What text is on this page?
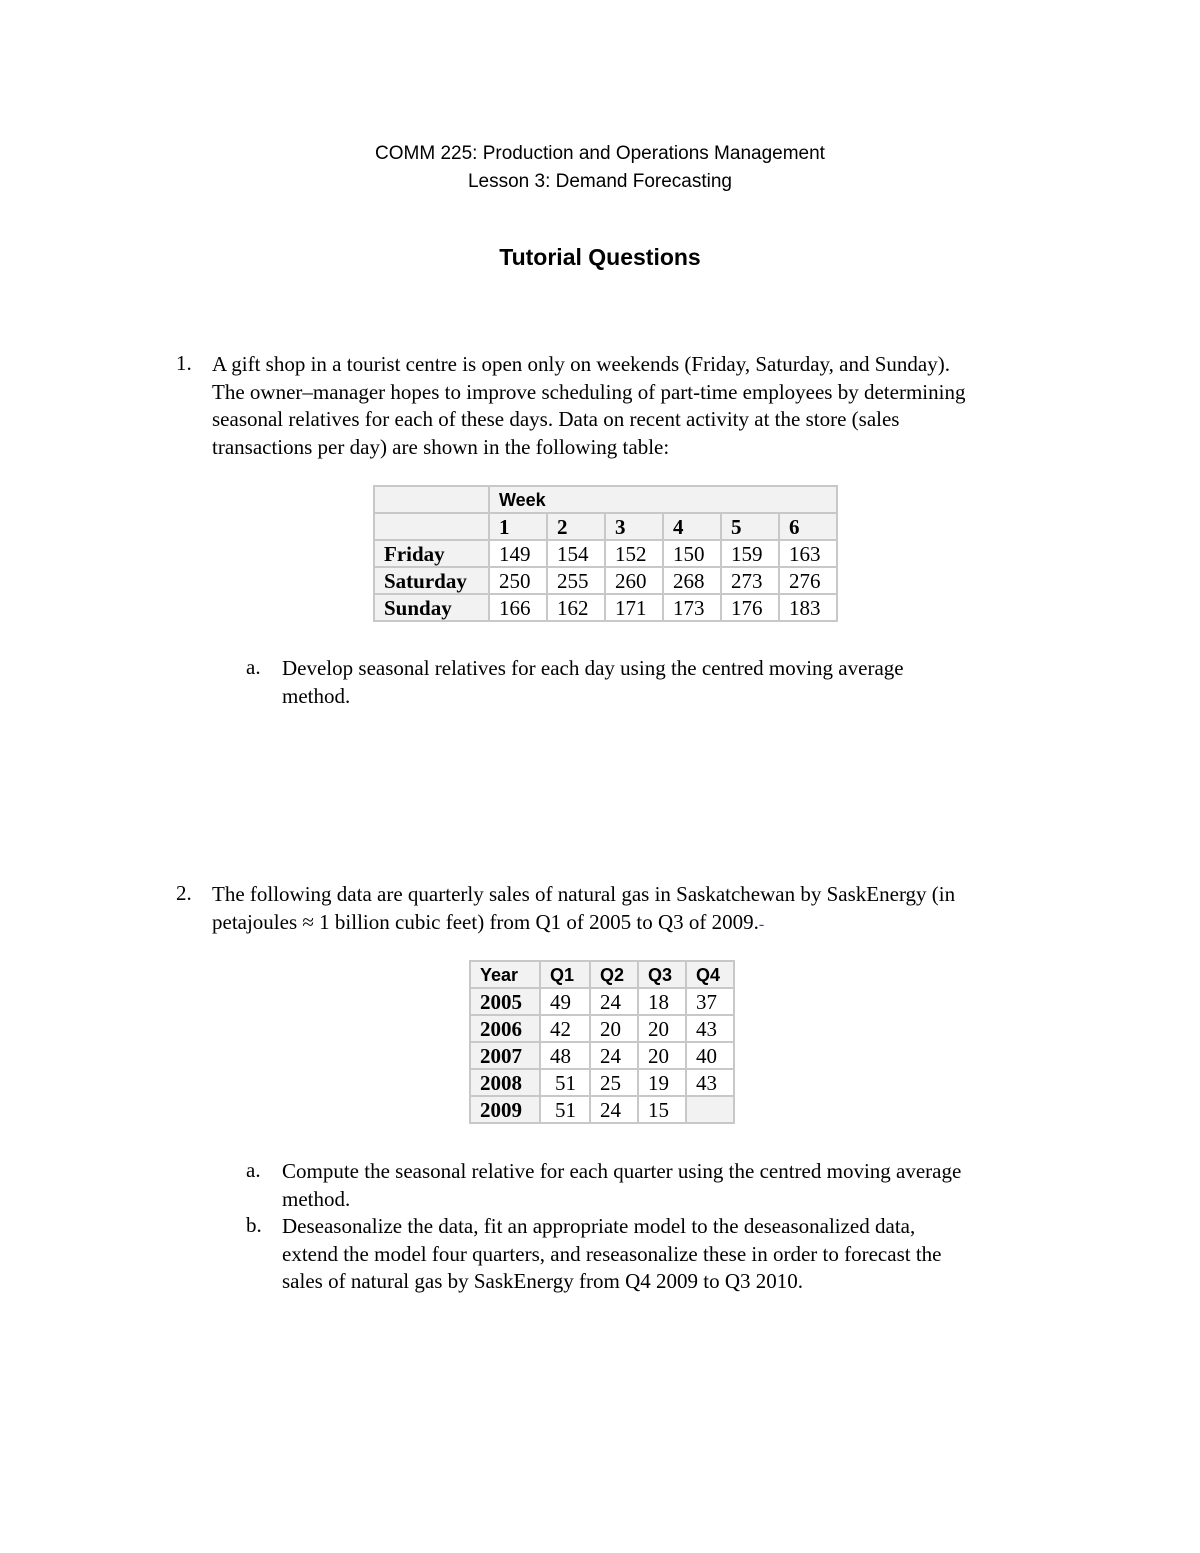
COMM 225: Production and Operations Management
Lesson 3: Demand Forecasting
Tutorial Questions
1. A gift shop in a tourist centre is open only on weekends (Friday, Saturday, and Sunday).
The owner–manager hopes to improve scheduling of part-time employees by determining
seasonal relatives for each of these days. Data on recent activity at the store (sales
transactions per day) are shown in the following table:
	Week					
	1	2	3	4	5	6
Friday	149	154	152	150	159	163
Saturday	250	255	260	268	273	276
Sunday	166	162	171	173	176	183
a. Develop seasonal relatives for each day using the centred moving average
method.
2. The following data are quarterly sales of natural gas in Saskatchewan by SaskEnergy (in
petajoules ≈ 1 billion cubic feet) from Q1 of 2005 to Q3 of 2009.-
Year	Q1	Q2	Q3	Q4
2005	49	24	18	37
2006	42	20	20	43
2007	48	24	20	40
2008	51	25	19	43
2009	51	24	15	
a. Compute the seasonal relative for each quarter using the centred moving average
method.
b. Deseasonalize the data, fit an appropriate model to the deseasonalized data,
extend the model four quarters, and reseasonalize these in order to forecast the
sales of natural gas by SaskEnergy from Q4 2009 to Q3 2010.
